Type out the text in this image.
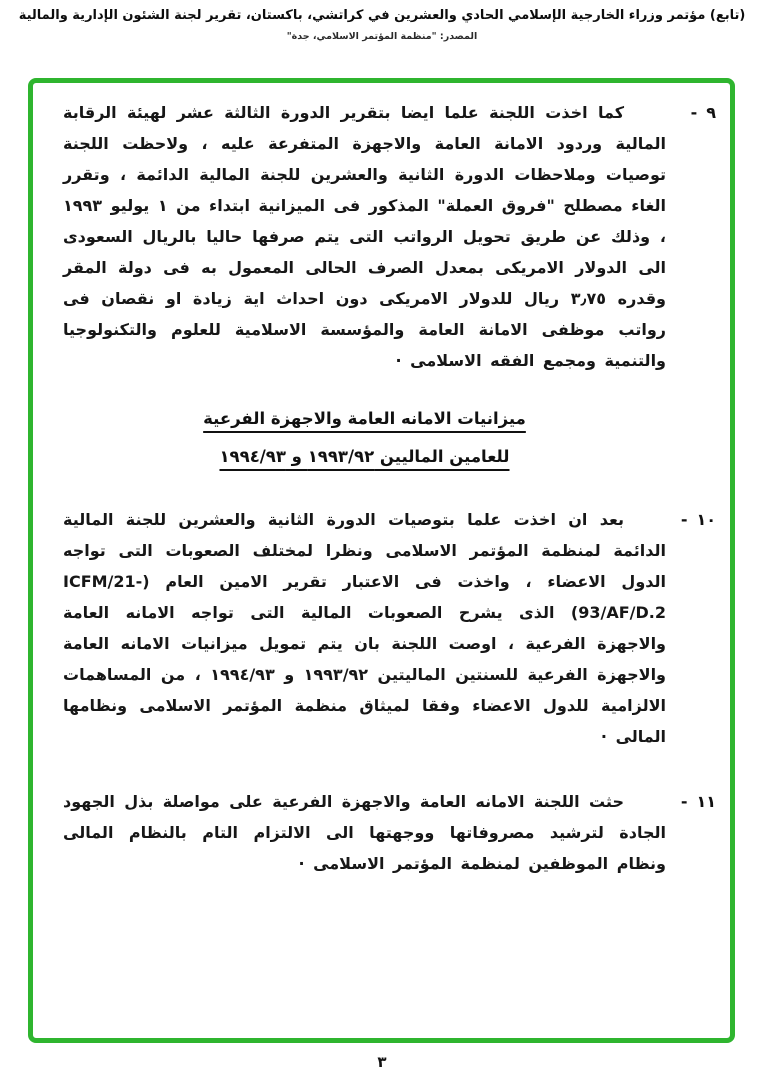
(تابع) مؤتمر وزراء الخارجية الإسلامي الحادي والعشرين في كراتشي، باكستان، تقرير لجنة الشئون الإدارية والمالية
المصدر: "منظمة المؤتمر الاسلامي، جدة"
٩
-
كما اخذت اللجنة علما ايضا بتقرير الدورة الثالثة عشر لهيئة الرقابة المالية وردود الامانة العامة والاجهزة المتفرعة عليه ، ولاحظت اللجنة توصيات وملاحظات الدورة الثانية والعشرين للجنة المالية الدائمة ، وتقرر الغاء مصطلح "فروق العملة" المذكور فى الميزانية ابتداء من ١ يوليو ١٩٩٣ ، وذلك عن طريق تحويل الرواتب التى يتم صرفها حاليا بالريال السعودى الى الدولار الامريكى بمعدل الصرف الحالى المعمول به فى دولة المقر وقدره ٣٫٧٥ ريال للدولار الامريكى دون احداث اية زيادة او نقصان فى رواتب موظفى الامانة العامة والمؤسسة الاسلامية للعلوم والتكنولوجيا والتنمية ومجمع الفقه الاسلامى ·
ميزانيات الامانه العامة والاجهزة الفرعية
للعامين الماليين ١٩٩٣/٩٢ و ١٩٩٤/٩٣
١٠
-
بعد ان اخذت علما بتوصيات الدورة الثانية والعشرين للجنة المالية الدائمة لمنظمة المؤتمر الاسلامى ونظرا لمختلف الصعوبات التى تواجه الدول الاعضاء ، واخذت فى الاعتبار تقرير الامين العام (ICFM/21-93/AF/D.2) الذى يشرح الصعوبات المالية التى تواجه الامانه العامة والاجهزة الفرعية ، اوصت اللجنة بان يتم تمويل ميزانيات الامانه العامة والاجهزة الفرعية للسنتين الماليتين ١٩٩٣/٩٢ و ١٩٩٤/٩٣ ، من المساهمات الالزامية للدول الاعضاء وفقا لميثاق منظمة المؤتمر الاسلامى ونظامها المالى ·
١١
-
حثت اللجنة الامانه العامة والاجهزة الفرعية على مواصلة بذل الجهود الجادة لترشيد مصروفاتها ووجهتها الى الالتزام التام بالنظام المالى ونظام الموظفين لمنظمة المؤتمر الاسلامى ·
٣
